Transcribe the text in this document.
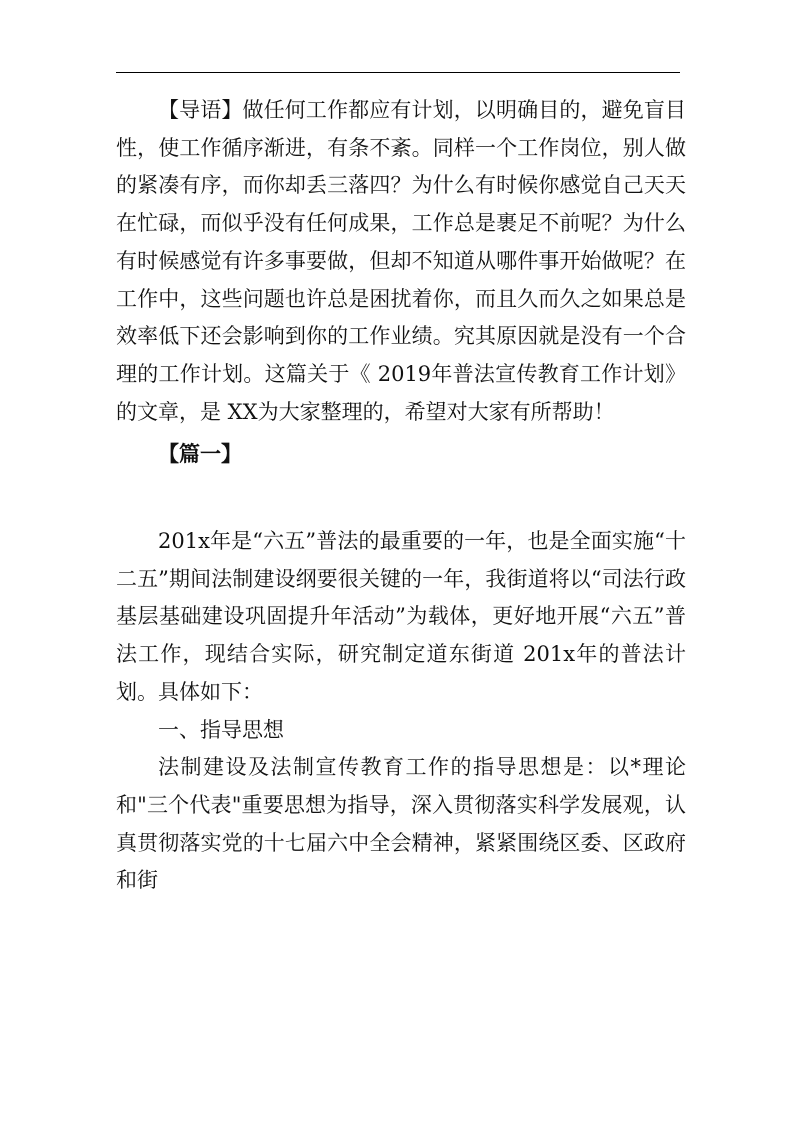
【导语】做任何工作都应有计划，以明确目的，避免盲目性，使工作循序渐进，有条不紊。同样一个工作岗位，别人做的紧凑有序，而你却丢三落四？为什么有时候你感觉自己天天在忙碌，而似乎没有任何成果，工作总是裹足不前呢？为什么有时候感觉有许多事要做，但却不知道从哪件事开始做呢？在工作中，这些问题也许总是困扰着你，而且久而久之如果总是效率低下还会影响到你的工作业绩。究其原因就是没有一个合理的工作计划。这篇关于《 2019年普法宣传教育工作计划》的文章，是 XX为大家整理的，希望对大家有所帮助！

【篇一】

201x年是“六五”普法的最重要的一年，也是全面实施“十二五”期间法制建设纲要很关键的一年，我街道将以“司法行政基层基础建设巩固提升年活动”为载体，更好地开展“六五”普法工作，现结合实际，研究制定道东街道 201x年的普法计划。具体如下：

一、指导思想

法制建设及法制宣传教育工作的指导思想是：以*理论和"三个代表"重要思想为指导，深入贯彻落实科学发展观，认真贯彻落实党的十七届六中全会精神，紧紧围绕区委、区政府和街
